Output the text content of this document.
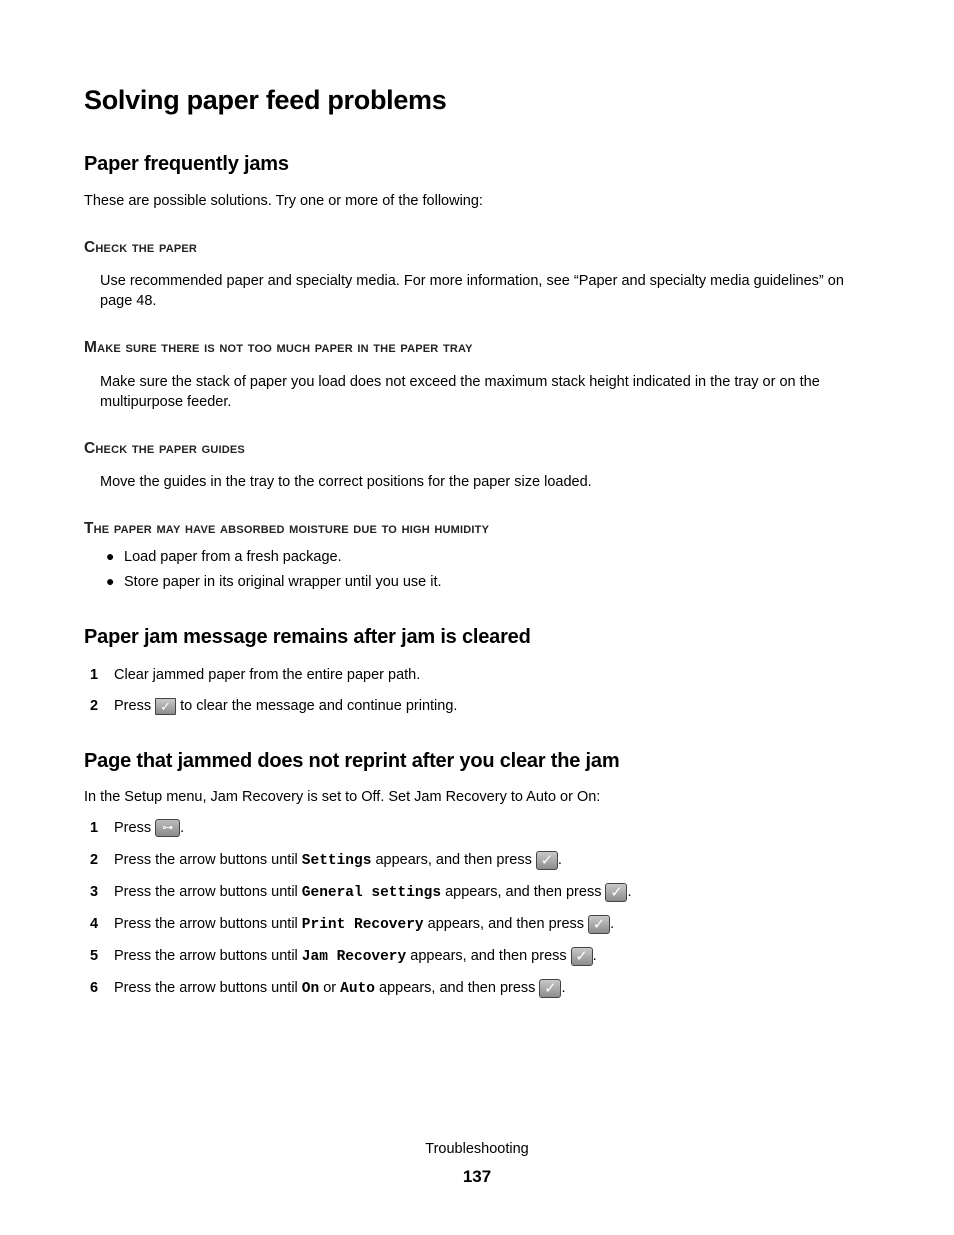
Solving paper feed problems
Paper frequently jams
These are possible solutions. Try one or more of the following:
Check the paper
Use recommended paper and specialty media. For more information, see “Paper and specialty media guidelines” on page 48.
Make sure there is not too much paper in the paper tray
Make sure the stack of paper you load does not exceed the maximum stack height indicated in the tray or on the multipurpose feeder.
Check the paper guides
Move the guides in the tray to the correct positions for the paper size loaded.
The paper may have absorbed moisture due to high humidity
● Load paper from a fresh package.
● Store paper in its original wrapper until you use it.
Paper jam message remains after jam is cleared
1 Clear jammed paper from the entire paper path.
2 Press ✓ to clear the message and continue printing.
Page that jammed does not reprint after you clear the jam
In the Setup menu, Jam Recovery is set to Off. Set Jam Recovery to Auto or On:
1 Press ⊶ .
2 Press the arrow buttons until Settings appears, and then press ✓ .
3 Press the arrow buttons until General settings appears, and then press ✓ .
4 Press the arrow buttons until Print Recovery appears, and then press ✓ .
5 Press the arrow buttons until Jam Recovery appears, and then press ✓ .
6 Press the arrow buttons until On or Auto appears, and then press ✓ .
Troubleshooting
137
